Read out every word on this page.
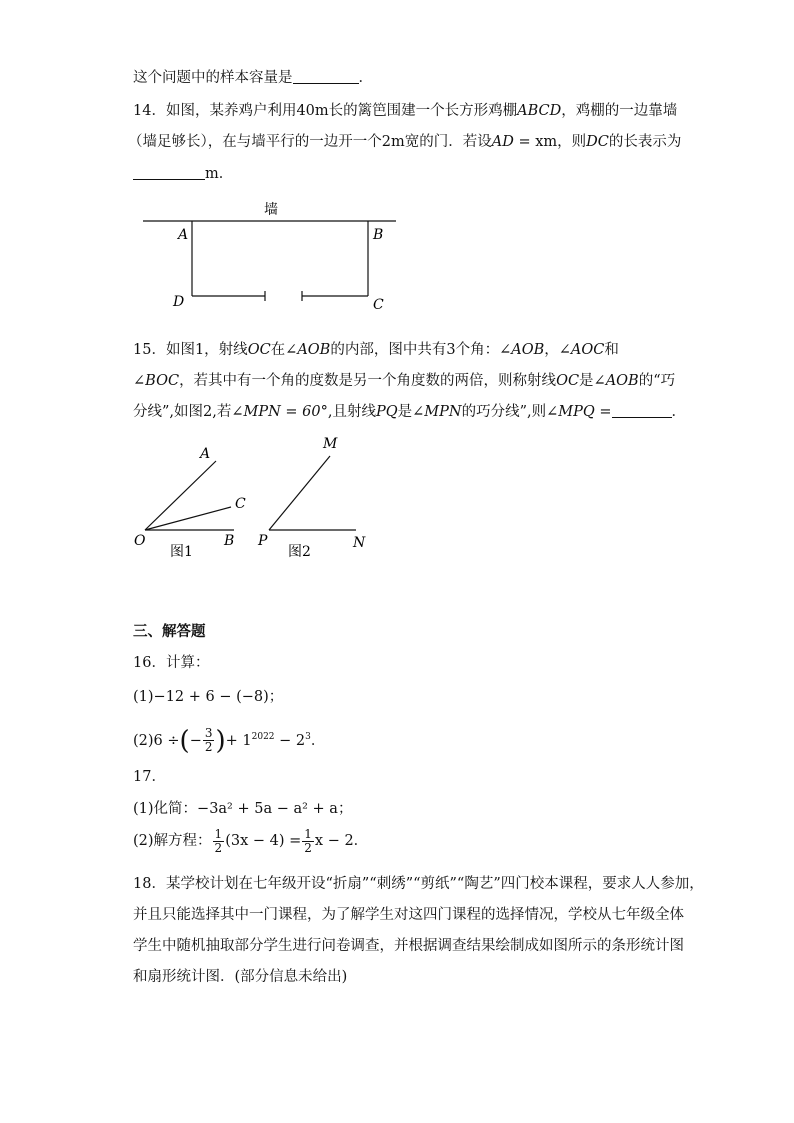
这个问题中的样本容量是	．
14．如图，某养鸡户利用40m长的篱笆围建一个长方形鸡棚ABCD，鸡棚的一边靠墙
（墙足够长），在与墙平行的一边开一个2m宽的门．若设AD = xm，则DC的长表示为
m．
墙
A	B
D	C
15．如图1，射线OC在∠AOB的内部，图中共有3个角：∠AOB，∠AOC和
∠BOC，若其中有一个角的度数是另一个角度数的两倍，则称射线OC是∠AOB的“巧
分线”,如图2,若∠MPN = 60°,且射线PQ是∠MPN的巧分线”,则∠MPQ =	．
A
C
O	B
图1
M
P	N
图2
三、解答题
16．计算：
(1)−12 + 6 − (−8)；
(2)6 ÷(− $\frac{3}{2}$ )+ $1^{2022} - 2^3$．
17．
(1)化简：−3a² + 5a − a² + a；
(2)解方程： $\frac{1}{2} (3x - 4) = \frac{1}{2}$ x − 2．
18．某学校计划在七年级开设“折扇”“刺绣”“剪纸”“陶艺”四门校本课程，要求人人参加，
并且只能选择其中一门课程，为了解学生对这四门课程的选择情况，学校从七年级全体
学生中随机抽取部分学生进行问卷调查，并根据调查结果绘制成如图所示的条形统计图
和扇形统计图．(部分信息未给出)
